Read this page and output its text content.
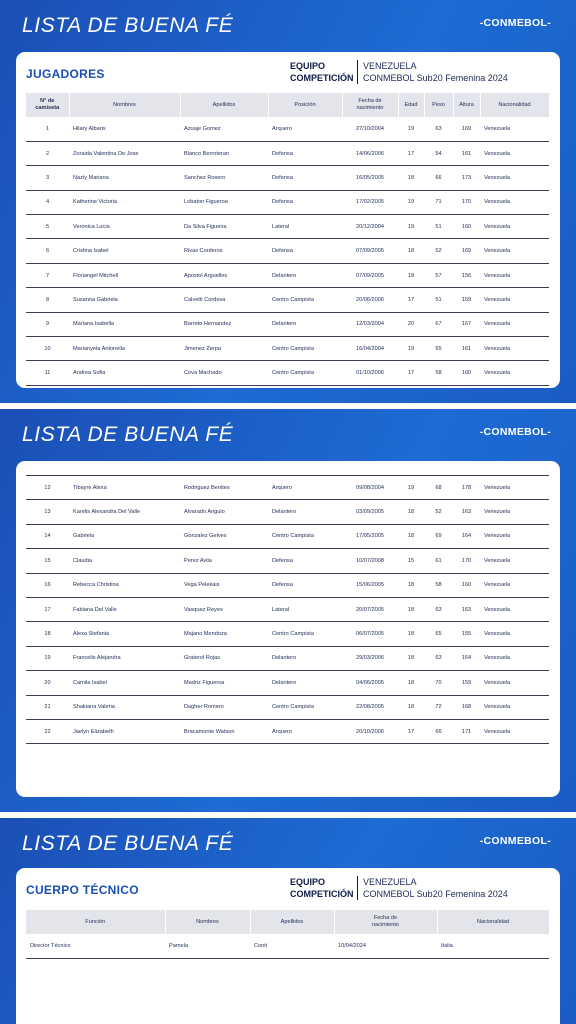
LISTA DE BUENA FÉ	-CONMEBOL-
JUGADORES
EQUIPO
COMPETICIÓN
VENEZUELA
CONMEBOL Sub20 Femenina 2024
N° de
camiseta	Nombres	Apellidos	Posición	Fecha de
nacimiento	Edad	Peso	Altura	Nacionalidad
1	Hilary Albaris	Azuaje Gomez	Arquero	27/10/2004	19	63	169	Venezuela
2	Zoraida Valentina De Jose	Blanco Berroteran	Defensa	14/06/2006	17	54	161	Venezuela
3	Nazly Mariana	Sanchez Rosero	Defensa	16/05/2005	18	66	173	Venezuela
4	Katherine Victoria	Lobaton Figueroa	Defensa	17/02/2005	19	71	170	Venezuela
5	Veronica Lucia	Da Silva Figueira	Lateral	20/12/2004	19	51	160	Venezuela
6	Cristina Isabel	Rivas Corderos	Defensa	07/09/2005	18	52	169	Venezuela
7	Floriangel Mitchell	Apostol Arguelles	Delantero	07/09/2005	18	57	156	Venezuela
8	Susanna Gabriela	Calvetti Cordova	Centro Campista	20/06/2006	17	51	159	Venezuela
9	Mariana Isabella	Barreto Hernandez	Delantero	12/03/2004	20	67	167	Venezuela
10	Marianyela Antonella	Jimenez Zerpa	Centro Campista	16/04/2004	19	65	161	Venezuela
11	Andrea Sofia	Cova Machado	Centro Campista	01/10/2006	17	58	160	Venezuela
LISTA DE BUENA FÉ	-CONMEBOL-
12	Tibayre Alexa	Rodriguez Benites	Arquero	09/08/2004	19	68	178	Venezuela
13	Karelis Alexandra Del Valle	Alvarado Angulo	Delantero	03/09/2005	18	52	163	Venezuela
14	Gabriela	Gonzalez Gelves	Centro Campista	17/05/2005	18	69	164	Venezuela
15	Claudia	Perez Avila	Defensa	10/07/2008	15	61	170	Venezuela
16	Rebecca Christina	Vega Pelekais	Defensa	15/06/2005	18	58	160	Venezuela
17	Fabiana Del Valle	Vasquez Reyes	Lateral	20/07/2005	18	63	163	Venezuela
18	Alexa Stefania	Majano Mendoza	Centro Campista	06/07/2005	18	65	155	Venezuela
19	Francelis Alejandra	Graterol Rojas	Delantero	29/03/2006	18	63	164	Venezuela
20	Camila Isabel	Madriz Figueroa	Delantero	04/06/2005	18	70	159	Venezuela
21	Shakiana Valeria	Dagher Romero	Centro Campista	22/08/2005	18	72	168	Venezuela
22	Jaelyn Elizabeth	Bracamonte Watson	Arquero	20/10/2006	17	66	171	Venezuela
LISTA DE BUENA FÉ	-CONMEBOL-
CUERPO TÉCNICO
EQUIPO
COMPETICIÓN
VENEZUELA
CONMEBOL Sub20 Femenina 2024
Función	Nombres	Apellidos	Fecha de
nacimiento	Nacionalidad
Director Técnico	Pamela	Conti	10/04/2024	Italia
